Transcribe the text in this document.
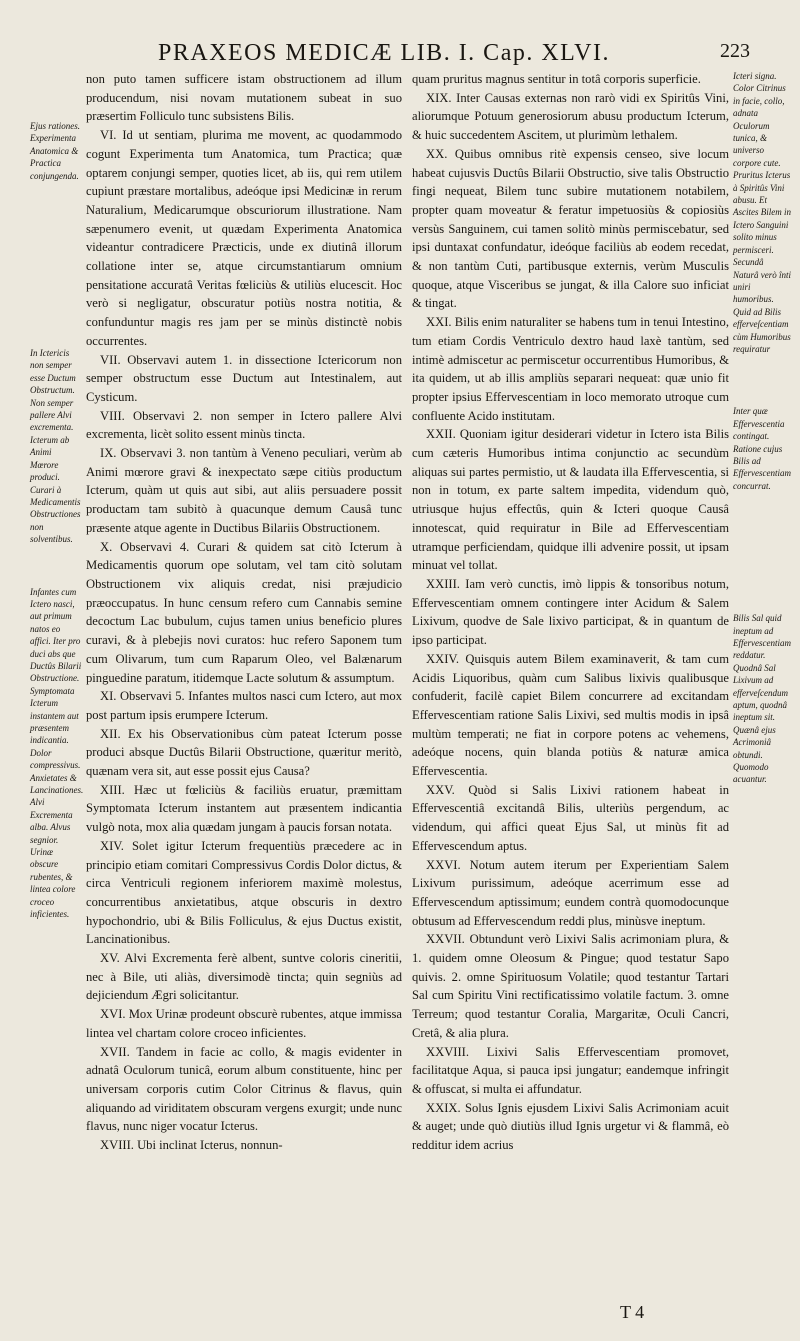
PRAXEOS MEDICÆ LIB. I. Cap. XLVI.	223

Ejus rationes. Experimenta Anatomica & Practica conjungenda.

In Ictericis non semper esse Ductum Obstructum. Non semper pallere Alvi excrementa. Icterum ab Animi Mœrore produci. Curari à Medicamentis Obstructiones non solventibus.

Infantes cum Ictero nasci, aut primum natos eo affici. Iter pro duci abs que Ductûs Bilarii Obstructione. Symptomata Icterum instantem aut præsentem indicantia. Dolor compressivus. Anxietates & Lancinationes. Alvi Excrementa alba. Alvus segnior. Urinæ obscure rubentes, & lintea colore croceo inficientes.

non puto tamen sufficere istam obstructionem ad illum producendum, nisi novam mutationem subeat in suo præsertim Folliculo tunc subsistens Bilis.

VI. Id ut sentiam, plurima me movent, ac quodammodo cogunt Experimenta tum Anatomica, tum Practica; quæ optarem conjungi semper, quoties licet, ab iis, qui rem utilem cupiunt præstare mortalibus, adeóque ipsi Medicinæ in rerum Naturalium, Medicarumque obscuriorum illustratione. Nam sæpenumero evenit, ut quædam Experimenta Anatomica videantur contradicere Præcticis, unde ex diutinâ illorum collatione inter se, atque circumstantiarum omnium pensitatione accuratâ Veritas fœliciùs & utiliùs elucescit. Hoc verò si negligatur, obscuratur potiùs nostra notitia, & confunduntur magis res jam per se minùs distinctè nobis occurrentes.

VII. Observavi autem 1. in dissectione Ictericorum non semper obstructum esse Ductum aut Intestinalem, aut Cysticum.

VIII. Observavi 2. non semper in Ictero pallere Alvi excrementa, licèt solito essent minùs tincta.

IX. Observavi 3. non tantùm à Veneno peculiari, verùm ab Animi mœrore gravi & inexpectato sæpe citiùs productum Icterum, quàm ut quis aut sibi, aut aliis persuadere possit productam tam subitò à quacunque demum Causâ tunc præsente atque agente in Ductibus Bilariis Obstructionem.

X. Observavi 4. Curari & quidem sat citò Icterum à Medicamentis quorum ope solutam, vel tam citò solutam Obstructionem vix aliquis credat, nisi præjudicio præoccupatus. In hunc censum refero cum Cannabis semine decoctum Lac bubulum, cujus tamen unius beneficio plures curavi, & à plebejis novi curatos: huc refero Saponem tum cum Olivarum, tum cum Raparum Oleo, vel Balænarum pinguedine paratum, itidemque Lacte solutum & assumptum.

XI. Observavi 5. Infantes multos nasci cum Ictero, aut mox post partum ipsis erumpere Icterum.

XII. Ex his Observationibus cùm pateat Icterum posse produci absque Ductûs Bilarii Obstructione, quæritur meritò, quænam vera sit, aut esse possit ejus Causa?

XIII. Hæc ut fœliciùs & faciliùs eruatur, præmittam Symptomata Icterum instantem aut præsentem indicantia vulgò nota, mox alia quædam jungam à paucis forsan notata.

XIV. Solet igitur Icterum frequentiùs præcedere ac in principio etiam comitari Compressivus Cordis Dolor dictus, & circa Ventriculi regionem inferiorem maximè molestus, concurrentibus anxietatibus, atque obscuris in dextro hypochondrio, ubi & Bilis Folliculus, & ejus Ductus existit, Lancinationibus.

XV. Alvi Excrementa ferè albent, suntve coloris cineritii, nec à Bile, uti aliàs, diversimodè tincta; quin segniùs ad dejiciendum Ægri solicitantur.

XVI. Mox Urinæ prodeunt obscurè rubentes, atque immissa lintea vel chartam colore croceo inficientes.

XVII. Tandem in facie ac collo, & magis evidenter in adnatâ Oculorum tunicâ, eorum album constituente, hinc per universam corporis cutim Color Citrinus & flavus, quin aliquando ad viriditatem obscuram vergens exurgit; unde nunc flavus, nunc niger vocatur Icterus.

XVIII. Ubi inclinat Icterus, nonnun-

quam pruritus magnus sentitur in totâ corporis superficie.

XIX. Inter Causas externas non rarò vidi ex Spiritûs Vini, aliorumque Potuum generosiorum abusu productum Icterum, & huic succedentem Ascitem, ut plurimùm lethalem.

XX. Quibus omnibus ritè expensis censeo, sive locum habeat cujusvis Ductûs Bilarii Obstructio, sive talis Obstructio fingi nequeat, Bilem tunc subire mutationem notabilem, propter quam moveatur & feratur impetuosiùs & copiosiùs versùs Sanguinem, cui tamen solitò minùs permiscebatur, sed ipsi duntaxat confundatur, ideóque faciliùs ab eodem recedat, & non tantùm Cuti, partibusque externis, verùm Musculis quoque, atque Visceribus se jungat, & illa Calore suo inficiat & tingat.

XXI. Bilis enim naturaliter se habens tum in tenui Intestino, tum etiam Cordis Ventriculo dextro haud laxè tantùm, sed intimè admiscetur ac permiscetur occurrentibus Humoribus, & ita quidem, ut ab illis ampliùs separari nequeat: quæ unio fit propter ipsius Effervescentiam in loco memorato utroque cum confluente Acido institutam.

XXII. Quoniam igitur desiderari videtur in Ictero ista Bilis cum cæteris Humoribus intima conjunctio ac secundùm aliquas sui partes permistio, ut & laudata illa Effervescentia, si non in totum, ex parte saltem impedita, videndum quò, utriusque hujus effectûs, quin & Icteri quoque Causâ innotescat, quid requiratur in Bile ad Effervescentiam utramque perficiendam, quidque illi advenire possit, ut ipsam minuat vel tollat.

XXIII. Iam verò cunctis, imò lippis & tonsoribus notum, Effervescentiam omnem contingere inter Acidum & Salem Lixivum, quodve de Sale lixivo participat, & in quantum de ipso participat.

XXIV. Quisquis autem Bilem examinaverit, & tam cum Acidis Liquoribus, quàm cum Salibus lixivis qualibusque confuderit, facilè capiet Bilem concurrere ad excitandam Effervescentiam ratione Salis Lixivi, sed multis modis in ipsâ multùm temperati; ne fiat in corpore potens ac vehemens, adeóque nocens, quin blanda potiùs & naturæ amica Effervescentia.

XXV. Quòd si Salis Lixivi rationem habeat in Effervescentiâ excitandâ Bilis, ulteriùs pergendum, ac videndum, qui affici queat Ejus Sal, ut minùs fit ad Effervescendum aptus.

XXVI. Notum autem iterum per Experientiam Salem Lixivum purissimum, adeóque acerrimum esse ad Effervescendum aptissimum; eundem contrà quomodocunque obtusum ad Effervescendum reddi plus, minùsve ineptum.

XXVII. Obtundunt verò Lixivi Salis acrimoniam plura, & 1. quidem omne Oleosum & Pingue; quod testatur Sapo quivis. 2. omne Spirituosum Volatile; quod testantur Tartari Sal cum Spiritu Vini rectificatissimo volatile factum. 3. omne Terreum; quod testantur Coralia, Margaritæ, Oculi Cancri, Cretâ, & alia plura.

XXVIII. Lixivi Salis Effervescentiam promovet, facilitatque Aqua, si pauca ipsi jungatur; eandemque infringit & offuscat, si multa ei affundatur.

XXIX. Solus Ignis ejusdem Lixivi Salis Acrimoniam acuit & auget; unde quò diutiùs illud Ignis urgetur vi & flammâ, eò redditur idem acrius

Icteri signa. Color Citrinus in facie, collo, adnata Oculorum tunica, & universo corpore cute. Pruritus Icterus à Spiritûs Vini abusu. Et Ascites Bilem in Ictero Sanguini solito minus permisceri. Secundâ Naturâ verò înti uniri humoribus. Quid ad Bilis efferveſcentiam cùm Humoribus requiratur

Inter quæ Effervescentia contingat. Ratione cujus Bilis ad Effervescentiam concurrat.

Bilis Sal quid ineptum ad Effervescentiam reddatur. Quodnâ Sal Lixivum ad efferveſcendum aptum, quodnâ ineptum sit. Quænâ ejus Acrimoniâ obtundi. Quomodo acuantur.

T 4
